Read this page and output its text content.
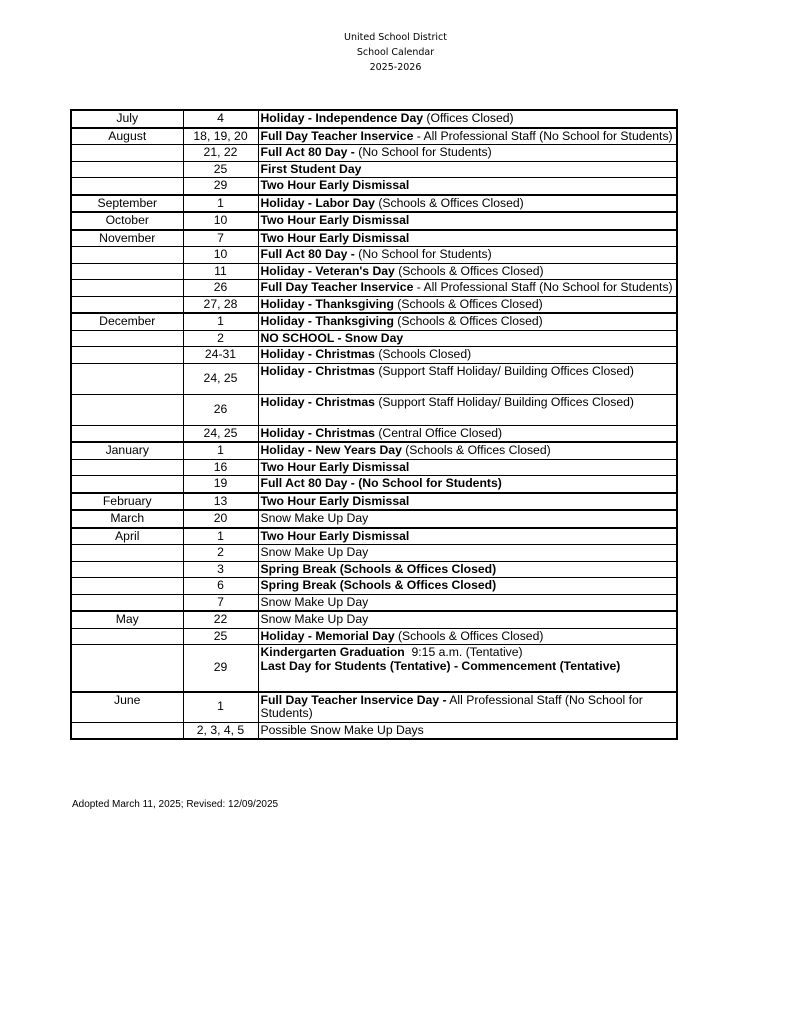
United School District
School Calendar
2025-2026
July	4	Holiday - Independence Day (Offices Closed)
August	18, 19, 20	Full Day Teacher Inservice - All Professional Staff (No School for Students)
	21, 22	Full Act 80 Day - (No School for Students)
	25	First Student Day
	29	Two Hour Early Dismissal
September	1	Holiday - Labor Day (Schools & Offices Closed)
October	10	Two Hour Early Dismissal
November	7	Two Hour Early Dismissal
	10	Full Act 80 Day - (No School for Students)
	11	Holiday - Veteran's Day (Schools & Offices Closed)
	26	Full Day Teacher Inservice - All Professional Staff (No School for Students)
	27, 28	Holiday - Thanksgiving (Schools & Offices Closed)
December	1	Holiday - Thanksgiving (Schools & Offices Closed)
	2	NO SCHOOL - Snow Day
	24-31	Holiday - Christmas (Schools Closed)
	24, 25	Holiday - Christmas (Support Staff Holiday/ Building Offices Closed)
	26	Holiday - Christmas (Support Staff Holiday/ Building Offices Closed)
	24, 25	Holiday - Christmas (Central Office Closed)
January	1	Holiday - New Years Day (Schools & Offices Closed)
	16	Two Hour Early Dismissal
	19	Full Act 80 Day - (No School for Students)
February	13	Two Hour Early Dismissal
March	20	Snow Make Up Day
April	1	Two Hour Early Dismissal
	2	Snow Make Up Day
	3	Spring Break (Schools & Offices Closed)
	6	Spring Break (Schools & Offices Closed)
	7	Snow Make Up Day
May	22	Snow Make Up Day
	25	Holiday - Memorial Day (Schools & Offices Closed)
	29	Kindergarten Graduation  9:15 a.m. (Tentative)
Last Day for Students (Tentative) - Commencement (Tentative)

June	1	Full Day Teacher Inservice Day - All Professional Staff (No School for Students)
	2, 3, 4, 5	Possible Snow Make Up Days
Adopted March 11, 2025; Revised: 12/09/2025
